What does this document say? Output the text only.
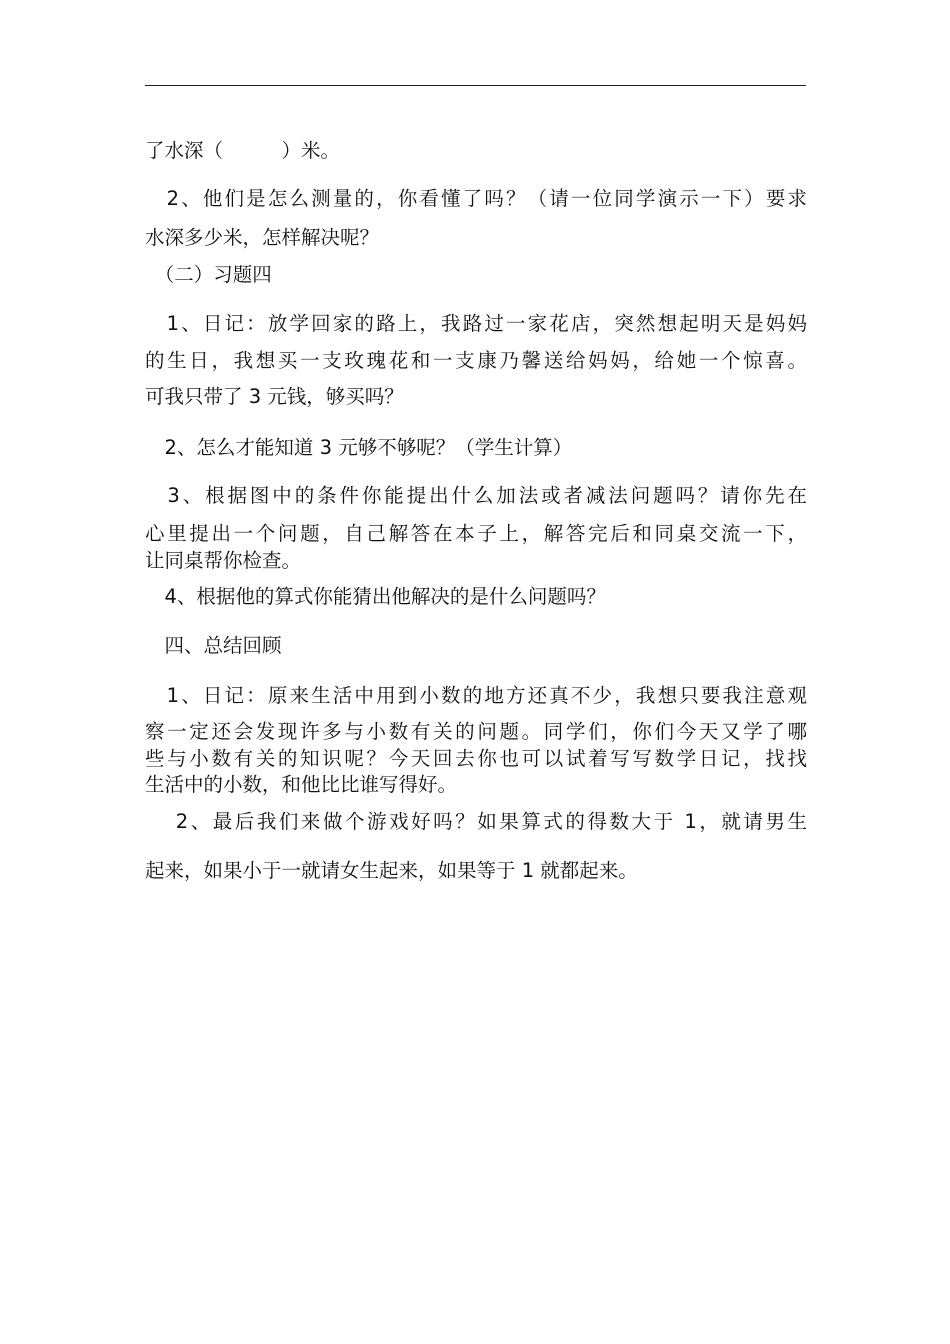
了水深（　　　）米。
　2、他们是怎么测量的，你看懂了吗？（请一位同学演示一下）要求
水深多少米，怎样解决呢？
　（二）习题四
　1、日记：放学回家的路上，我路过一家花店，突然想起明天是妈妈
的生日，我想买一支玫瑰花和一支康乃馨送给妈妈，给她一个惊喜。
可我只带了 3 元钱，够买吗？
　2、怎么才能知道 3 元够不够呢？（学生计算）
　3、根据图中的条件你能提出什么加法或者减法问题吗？请你先在
心里提出一个问题，自己解答在本子上，解答完后和同桌交流一下，
让同桌帮你检查。
　4、根据他的算式你能猜出他解决的是什么问题吗？
　四、总结回顾
　1、日记：原来生活中用到小数的地方还真不少，我想只要我注意观
察一定还会发现许多与小数有关的问题。同学们，你们今天又学了哪
些与小数有关的知识呢？今天回去你也可以试着写写数学日记，找找
生活中的小数，和他比比谁写得好。
　 2、最后我们来做个游戏好吗？如果算式的得数大于 1，就请男生
起来，如果小于一就请女生起来，如果等于 1 就都起来。
